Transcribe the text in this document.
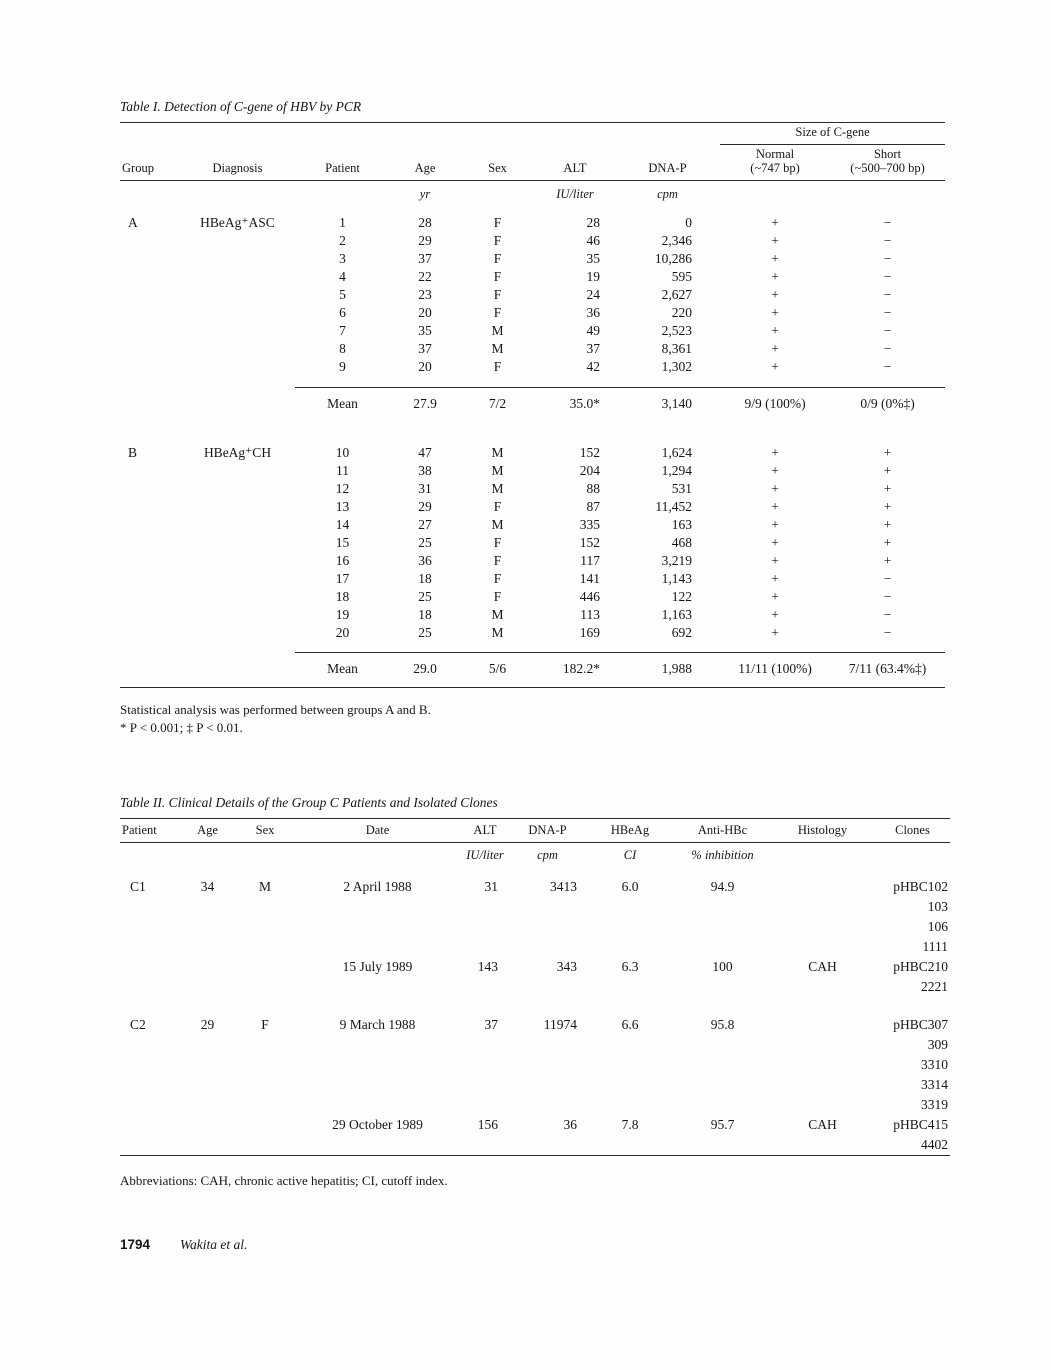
Table I. Detection of C-gene of HBV by PCR
							Size of C-gene	
Group	Diagnosis	Patient	Age	Sex	ALT	DNA-P	Normal
(~747 bp)	Short
(~500–700 bp)
			yr		IU/liter	cpm		
A	HBeAg⁺ASC	1	28	F	28	0	+	−
		2	29	F	46	2,346	+	−
		3	37	F	35	10,286	+	−
		4	22	F	19	595	+	−
		5	23	F	24	2,627	+	−
		6	20	F	36	220	+	−
		7	35	M	49	2,523	+	−
		8	37	M	37	8,361	+	−
		9	20	F	42	1,302	+	−

		Mean	27.9	7/2	35.0*	3,140	9/9 (100%)	0/9 (0%‡)

B	HBeAg⁺CH	10	47	M	152	1,624	+	+
		11	38	M	204	1,294	+	+
		12	31	M	88	531	+	+
		13	29	F	87	11,452	+	+
		14	27	M	335	163	+	+
		15	25	F	152	468	+	+
		16	36	F	117	3,219	+	+
		17	18	F	141	1,143	+	−
		18	25	F	446	122	+	−
		19	18	M	113	1,163	+	−
		20	25	M	169	692	+	−

		Mean	29.0	5/6	182.2*	1,988	11/11 (100%)	7/11 (63.4%‡)
Statistical analysis was performed between groups A and B.
* P < 0.001; ‡ P < 0.01.
Table II. Clinical Details of the Group C Patients and Isolated Clones
Patient	Age	Sex	Date	ALT	DNA-P	HBeAg	Anti-HBc	Histology	Clones
				IU/liter	cpm	CI	% inhibition		
C1	34	M	2 April 1988	31	3413	6.0	94.9		pHBC102
									103
									106
									1111
			15 July 1989	143	343	6.3	100	CAH	pHBC210
									2221

C2	29	F	9 March 1988	37	11974	6.6	95.8		pHBC307
									309
									3310
									3314
									3319
			29 October 1989	156	36	7.8	95.7	CAH	pHBC415
									4402
Abbreviations: CAH, chronic active hepatitis; CI, cutoff index.
1794 Wakita et al.
